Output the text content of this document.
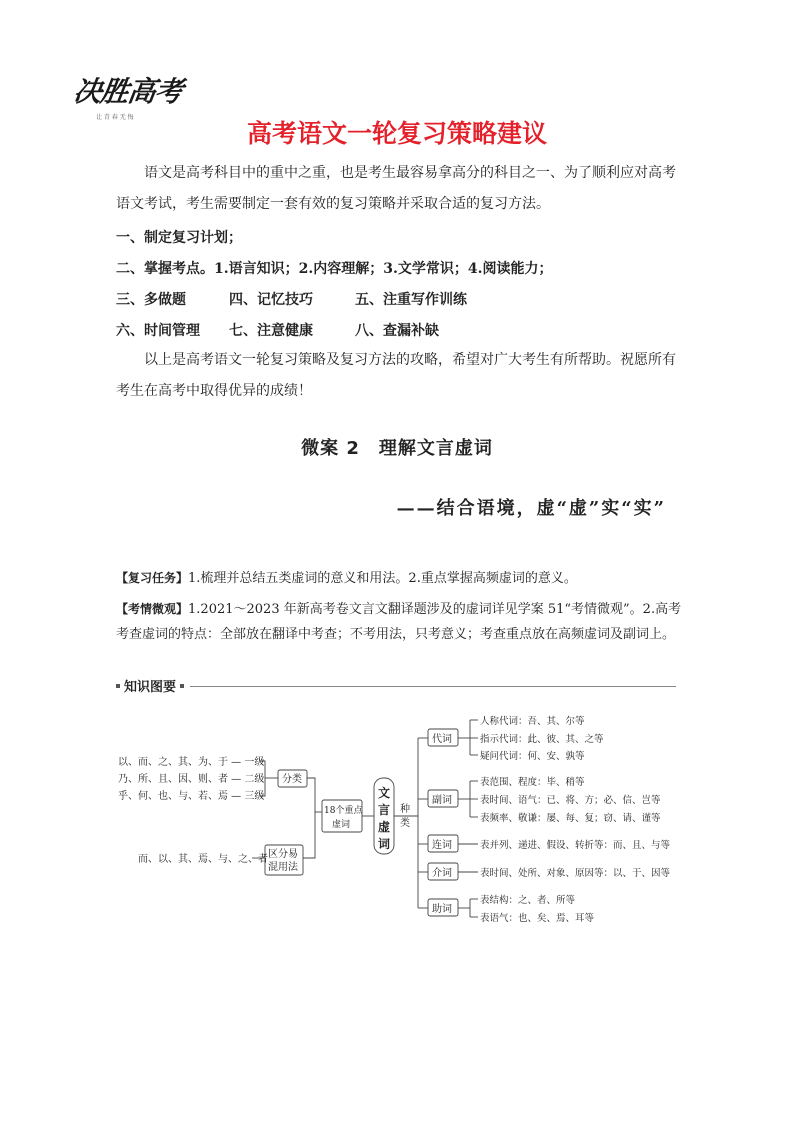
决胜高考
让 青 春 无 悔
高考语文一轮复习策略建议
语文是高考科目中的重中之重，也是考生最容易拿高分的科目之一、为了顺利应对高考语文考试，考生需要制定一套有效的复习策略并采取合适的复习方法。
一、制定复习计划；
二、掌握考点。1.语言知识；2.内容理解；3.文学常识；4.阅读能力；
三、多做题	四、记忆技巧	五、注重写作训练
六、时间管理 七、注意健康	八、查漏补缺
以上是高考语文一轮复习策略及复习方法的攻略，希望对广大考生有所帮助。祝愿所有考生在高考中取得优异的成绩！
微案 2　理解文言虚词
——结合语境，虚“虚”实“实”
【复习任务】1.梳理并总结五类虚词的意义和用法。2.重点掌握高频虚词的意义。
【考情微观】1.2021～2023 年新高考卷文言文翻译题涉及的虚词详见学案 51“考情微观”。2.高考考查虚词的特点：全部放在翻译中考查；不考用法，只考意义；考查重点放在高频虚词及副词上。
知识图要
以、而、之、其、为、于 — 一级
乃、所、且、因、则、者 — 二级
乎、何、也、与、若、焉 — 三级
分类
而、以、其、焉、与、之、者 区分易
混用法
18个重点
虚词
文
言
虚
词
种
类
代词
副词
连词
介词
助词
人称代词：吾、其、尔等
指示代词：此、彼、其、之等
疑问代词：何、安、孰等
表范围、程度：毕、稍等
表时间、语气：已、将、方；必、信、岂等
表频率、敬谦：屡、每、复；窃、请、谨等
表并列、递进、假设、转折等：而、且、与等
表时间、处所、对象、原因等：以、于、因等
表结构：之、者、所等
表语气：也、矣、焉、耳等
